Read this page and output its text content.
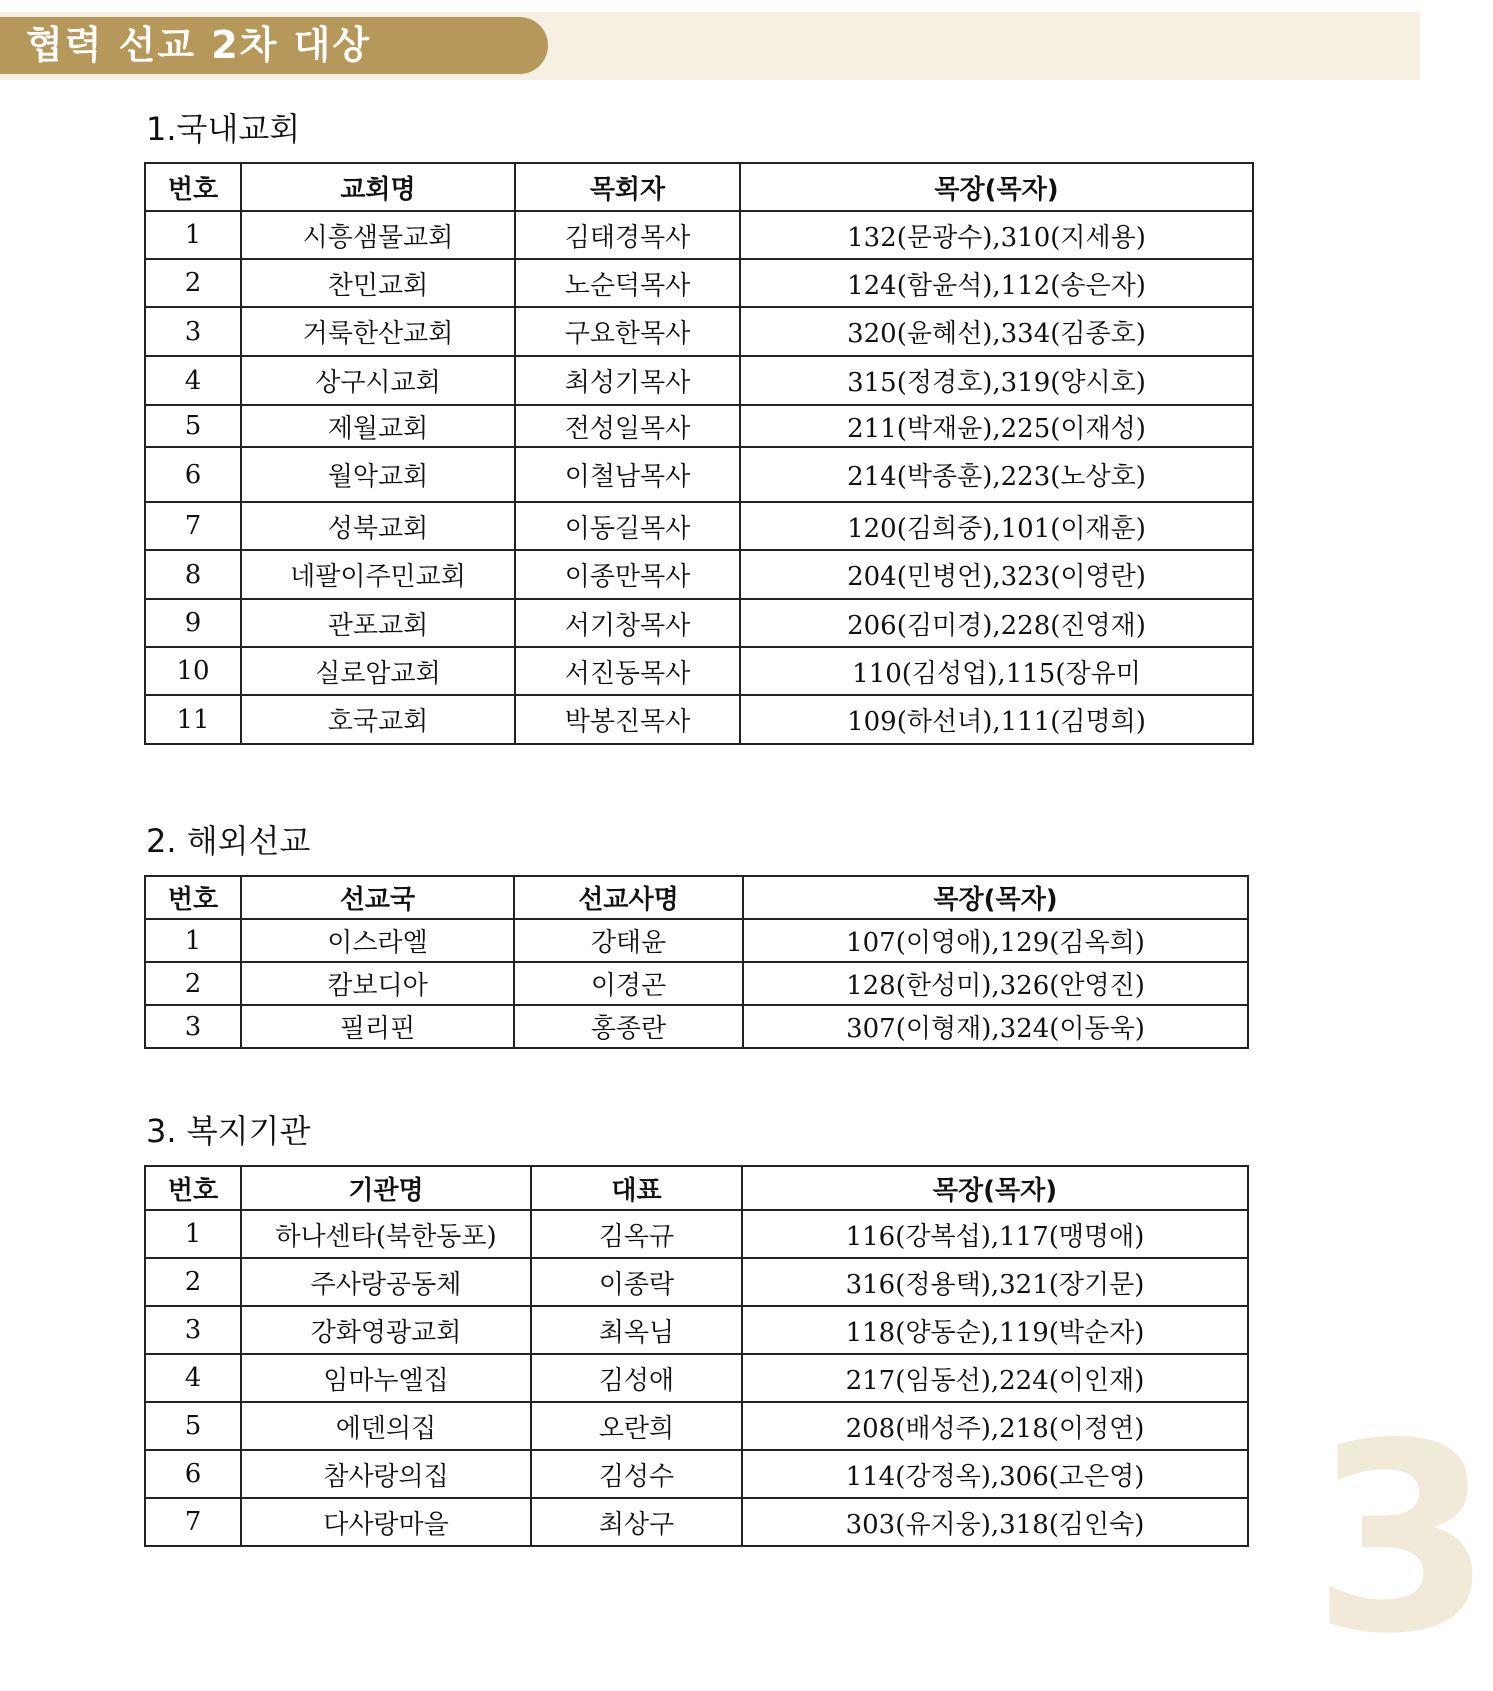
협력 선교 2차 대상
1.국내교회
번호	교회명	목회자	목장(목자)
1	시흥샘물교회	김태경목사	132(문광수),310(지세용)
2	찬민교회	노순덕목사	124(함윤석),112(송은자)
3	거룩한산교회	구요한목사	320(윤혜선),334(김종호)
4	상구시교회	최성기목사	315(정경호),319(양시호)
5	제월교회	전성일목사	211(박재윤),225(이재성)
6	월악교회	이철남목사	214(박종훈),223(노상호)
7	성북교회	이동길목사	120(김희중),101(이재훈)
8	네팔이주민교회	이종만목사	204(민병언),323(이영란)
9	관포교회	서기창목사	206(김미경),228(진영재)
10	실로암교회	서진동목사	110(김성업),115(장유미
11	호국교회	박봉진목사	109(하선녀),111(김명희)
2. 해외선교
번호	선교국	선교사명	목장(목자)
1	이스라엘	강태윤	107(이영애),129(김옥희)
2	캄보디아	이경곤	128(한성미),326(안영진)
3	필리핀	홍종란	307(이형재),324(이동욱)
3. 복지기관
번호	기관명	대표	목장(목자)
1	하나센타(북한동포)	김옥규	116(강복섭),117(맹명애)
2	주사랑공동체	이종락	316(정용택),321(장기문)
3	강화영광교회	최옥님	118(양동순),119(박순자)
4	임마누엘집	김성애	217(임동선),224(이인재)
5	에덴의집	오란희	208(배성주),218(이정연)
6	참사랑의집	김성수	114(강정옥),306(고은영)
7	다사랑마을	최상구	303(유지웅),318(김인숙) 3
